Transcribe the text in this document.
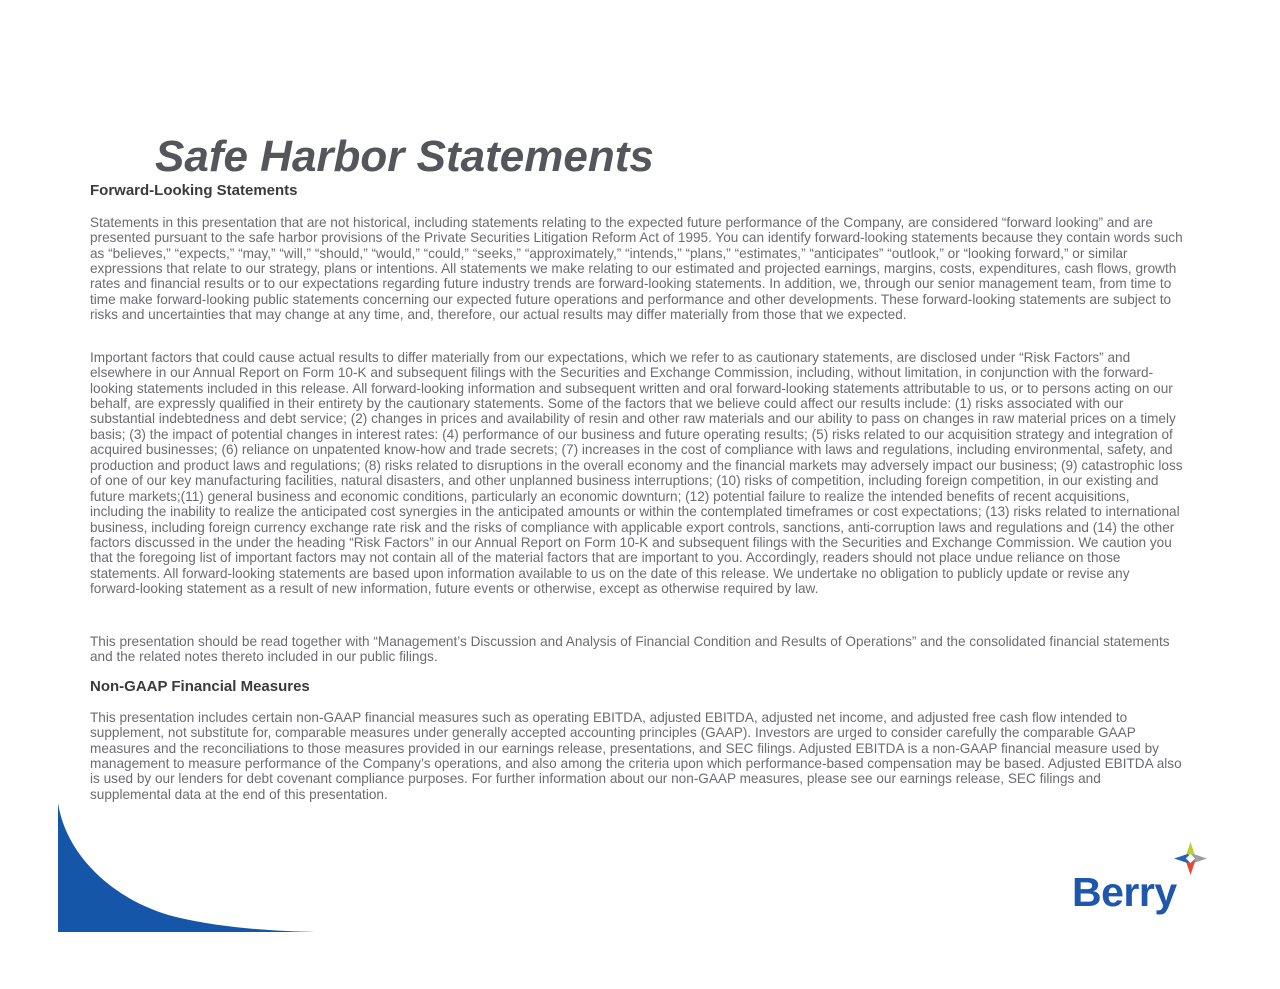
Safe Harbor Statements
Forward-Looking Statements

Statements in this presentation that are not historical, including statements relating to the expected future performance of the Company, are considered “forward looking” and are presented pursuant to the safe harbor provisions of the Private Securities Litigation Reform Act of 1995. You can identify forward-looking statements because they contain words such as “believes,” “expects,” “may,” “will,” “should,” “would,” “could,” “seeks,” “approximately,” “intends,” “plans,” “estimates,” “anticipates” “outlook,” or “looking forward,” or similar expressions that relate to our strategy, plans or intentions. All statements we make relating to our estimated and projected earnings, margins, costs, expenditures, cash flows, growth rates and financial results or to our expectations regarding future industry trends are forward-looking statements. In addition, we, through our senior management team, from time to time make forward-looking public statements concerning our expected future operations and performance and other developments. These forward-looking statements are subject to risks and uncertainties that may change at any time, and, therefore, our actual results may differ materially from those that we expected.

Important factors that could cause actual results to differ materially from our expectations, which we refer to as cautionary statements, are disclosed under “Risk Factors” and elsewhere in our Annual Report on Form 10-K and subsequent filings with the Securities and Exchange Commission, including, without limitation, in conjunction with the forward-looking statements included in this release. All forward-looking information and subsequent written and oral forward-looking statements attributable to us, or to persons acting on our behalf, are expressly qualified in their entirety by the cautionary statements. Some of the factors that we believe could affect our results include: (1) risks associated with our substantial indebtedness and debt service; (2) changes in prices and availability of resin and other raw materials and our ability to pass on changes in raw material prices on a timely basis; (3) the impact of potential changes in interest rates: (4) performance of our business and future operating results; (5) risks related to our acquisition strategy and integration of acquired businesses; (6) reliance on unpatented know-how and trade secrets; (7) increases in the cost of compliance with laws and regulations, including environmental, safety, and production and product laws and regulations; (8) risks related to disruptions in the overall economy and the financial markets may adversely impact our business; (9) catastrophic loss of one of our key manufacturing facilities, natural disasters, and other unplanned business interruptions; (10) risks of competition, including foreign competition, in our existing and future markets;(11) general business and economic conditions, particularly an economic downturn; (12) potential failure to realize the intended benefits of recent acquisitions, including the inability to realize the anticipated cost synergies in the anticipated amounts or within the contemplated timeframes or cost expectations; (13) risks related to international business, including foreign currency exchange rate risk and the risks of compliance with applicable export controls, sanctions, anti-corruption laws and regulations and (14) the other factors discussed in the under the heading “Risk Factors” in our Annual Report on Form 10-K and subsequent filings with the Securities and Exchange Commission. We caution you that the foregoing list of important factors may not contain all of the material factors that are important to you. Accordingly, readers should not place undue reliance on those statements. All forward-looking statements are based upon information available to us on the date of this release. We undertake no obligation to publicly update or revise any forward-looking statement as a result of new information, future events or otherwise, except as otherwise required by law.

This presentation should be read together with “Management’s Discussion and Analysis of Financial Condition and Results of Operations” and the consolidated financial statements and the related notes thereto included in our public filings.

Non-GAAP Financial Measures

This presentation includes certain non-GAAP financial measures such as operating EBITDA, adjusted EBITDA, adjusted net income, and adjusted free cash flow intended to supplement, not substitute for, comparable measures under generally accepted accounting principles (GAAP). Investors are urged to consider carefully the comparable GAAP measures and the reconciliations to those measures provided in our earnings release, presentations, and SEC filings. Adjusted EBITDA is a non-GAAP financial measure used by management to measure performance of the Company’s operations, and also among the criteria upon which performance-based compensation may be based. Adjusted EBITDA also is used by our lenders for debt covenant compliance purposes. For further information about our non-GAAP measures, please see our earnings release, SEC filings and supplemental data at the end of this presentation.

Berry
